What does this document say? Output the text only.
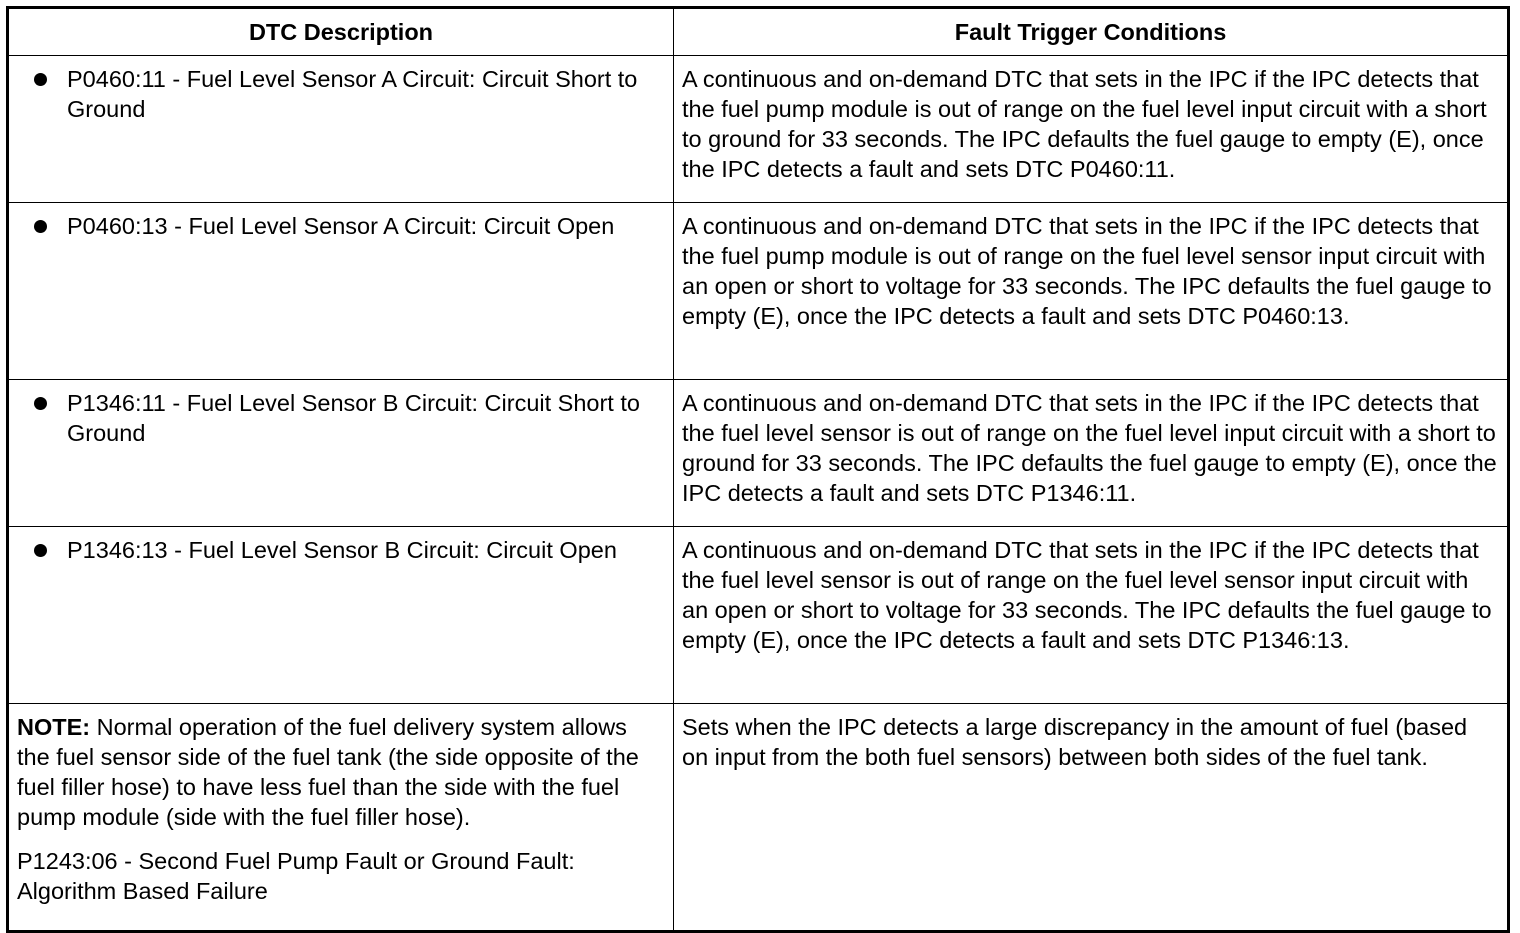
DTC Description	Fault Trigger Conditions

P0460:11 - Fuel Level Sensor A Circuit: Circuit Short to Ground	A continuous and on-demand DTC that sets in the IPC if the IPC detects that the fuel pump module is out of range on the fuel level input circuit with a short to ground for 33 seconds. The IPC defaults the fuel gauge to empty (E), once the IPC detects a fault and sets DTC P0460:11.

P0460:13 - Fuel Level Sensor A Circuit: Circuit Open	A continuous and on-demand DTC that sets in the IPC if the IPC detects that the fuel pump module is out of range on the fuel level sensor input circuit with an open or short to voltage for 33 seconds. The IPC defaults the fuel gauge to empty (E), once the IPC detects a fault and sets DTC P0460:13.

P1346:11 - Fuel Level Sensor B Circuit: Circuit Short to Ground	A continuous and on-demand DTC that sets in the IPC if the IPC detects that the fuel level sensor is out of range on the fuel level input circuit with a short to ground for 33 seconds. The IPC defaults the fuel gauge to empty (E), once the IPC detects a fault and sets DTC P1346:11.

P1346:13 - Fuel Level Sensor B Circuit: Circuit Open	A continuous and on-demand DTC that sets in the IPC if the IPC detects that the fuel level sensor is out of range on the fuel level sensor input circuit with an open or short to voltage for 33 seconds. The IPC defaults the fuel gauge to empty (E), once the IPC detects a fault and sets DTC P1346:13.

NOTE: Normal operation of the fuel delivery system allows the fuel sensor side of the fuel tank (the side opposite of the fuel filler hose) to have less fuel than the side with the fuel pump module (side with the fuel filler hose).

P1243:06 - Second Fuel Pump Fault or Ground Fault: Algorithm Based Failure	Sets when the IPC detects a large discrepancy in the amount of fuel (based on input from the both fuel sensors) between both sides of the fuel tank.
